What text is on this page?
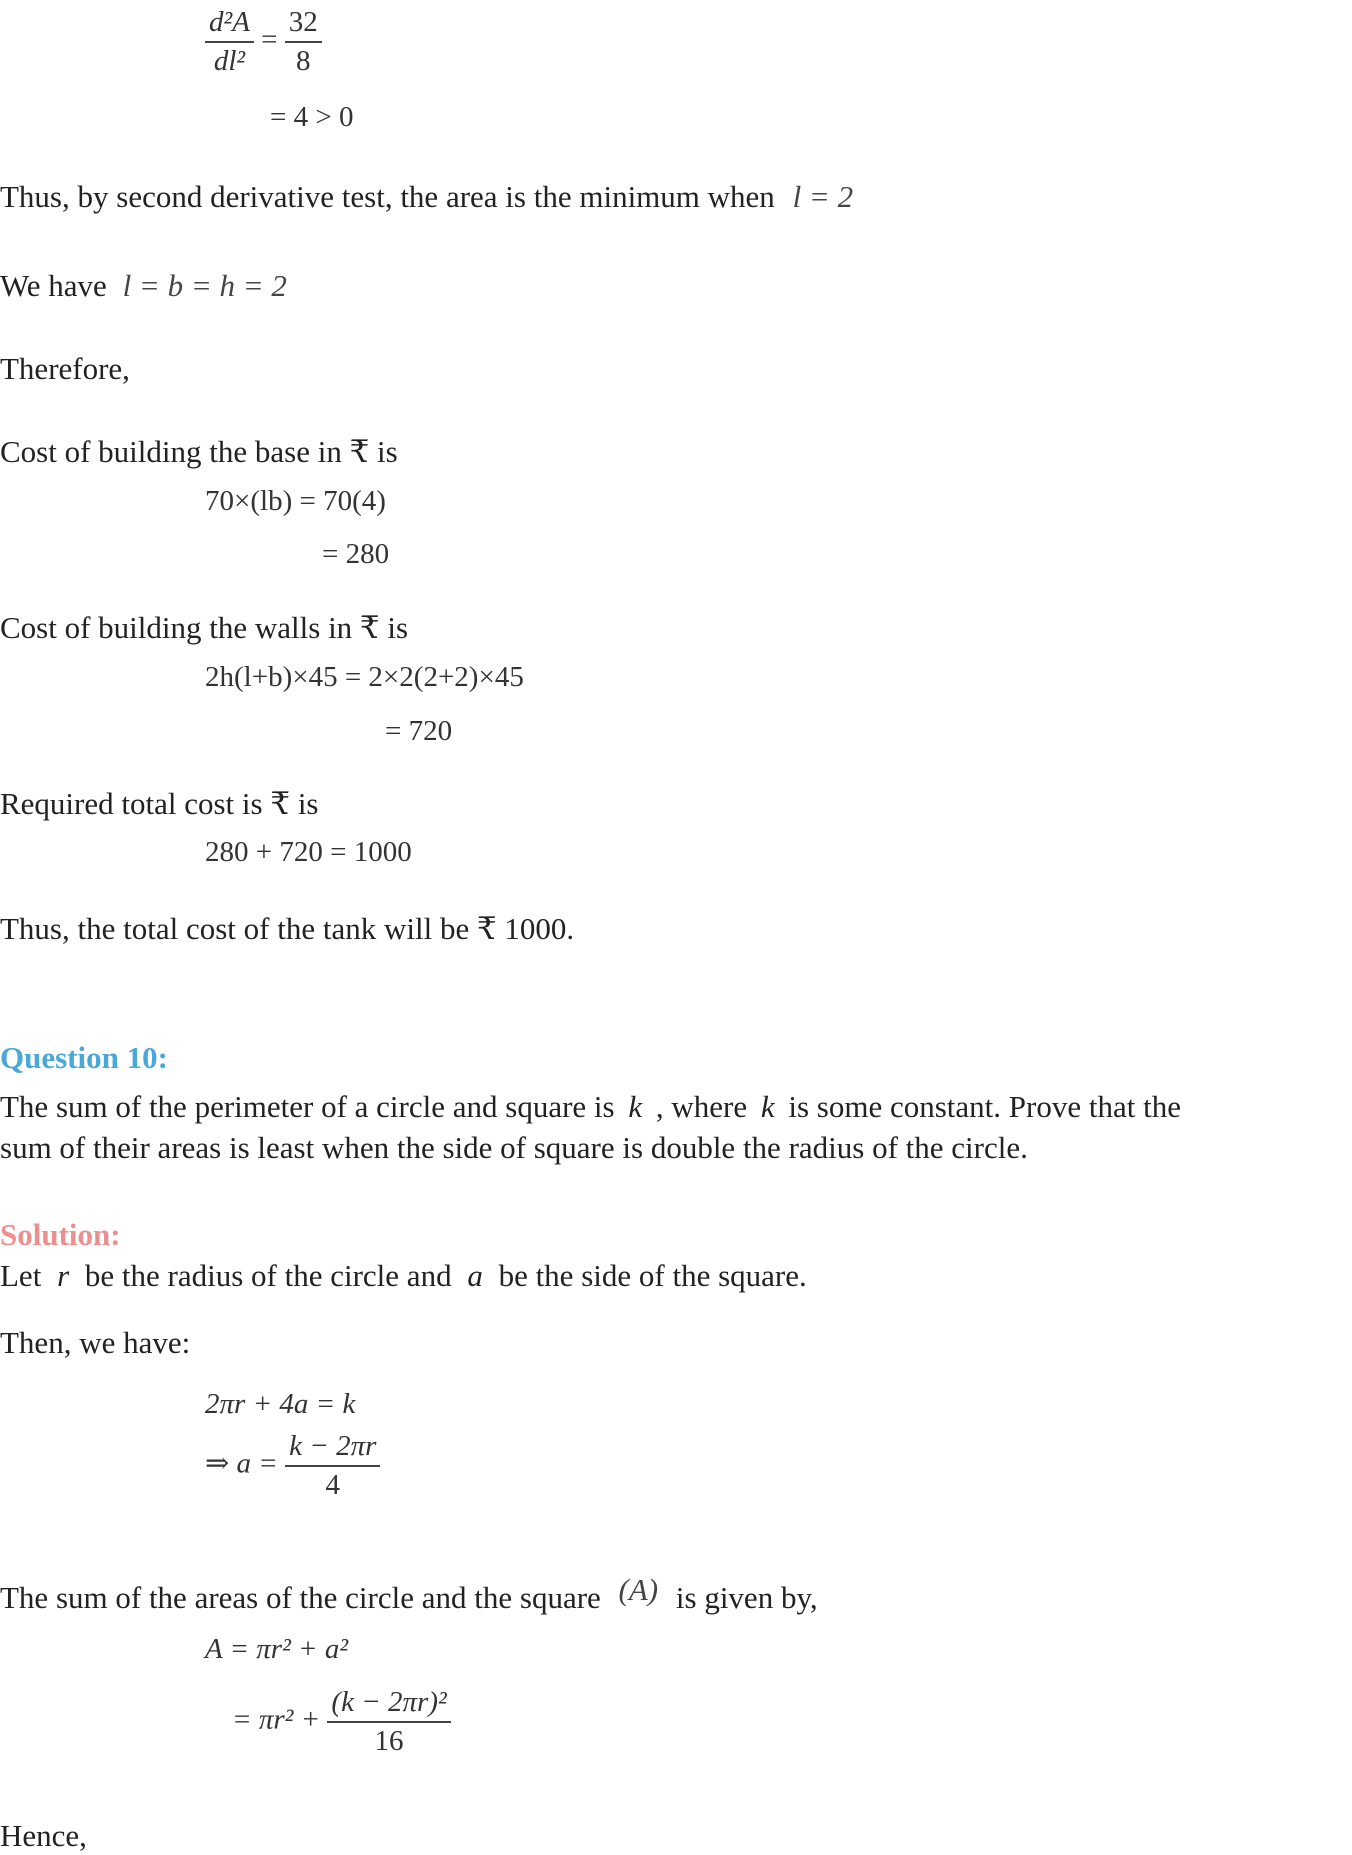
$\frac{\text{d²A}}{\text{dl²}} = \frac{32}{8}$
= 4 > 0
Thus, by second derivative test, the area is the minimum when l = 2
We have l = b = h = 2
Therefore,
Cost of building the base in ₹ is
70×(lb) = 70(4)
= 280
Cost of building the walls in ₹ is
2h(l+b)×45 = 2×2(2+2)×45
= 720
Required total cost is ₹ is
280 + 720 = 1000
Thus, the total cost of the tank will be ₹ 1000.
Question 10:
The sum of the perimeter of a circle and square is k , where k is some constant. Prove that the
sum of their areas is least when the side of square is double the radius of the circle.
Solution:
Let r be the radius of the circle and a be the side of the square.
Then, we have:
2πr + 4a = k
⇒ $a = \frac{k - 2\pi r}{4}$
The sum of the areas of the circle and the square (A) is given by,
A = πr² + a²
= $\pi r^2 + \frac{\text{(k − 2πr)²}}{16}$
Hence,
